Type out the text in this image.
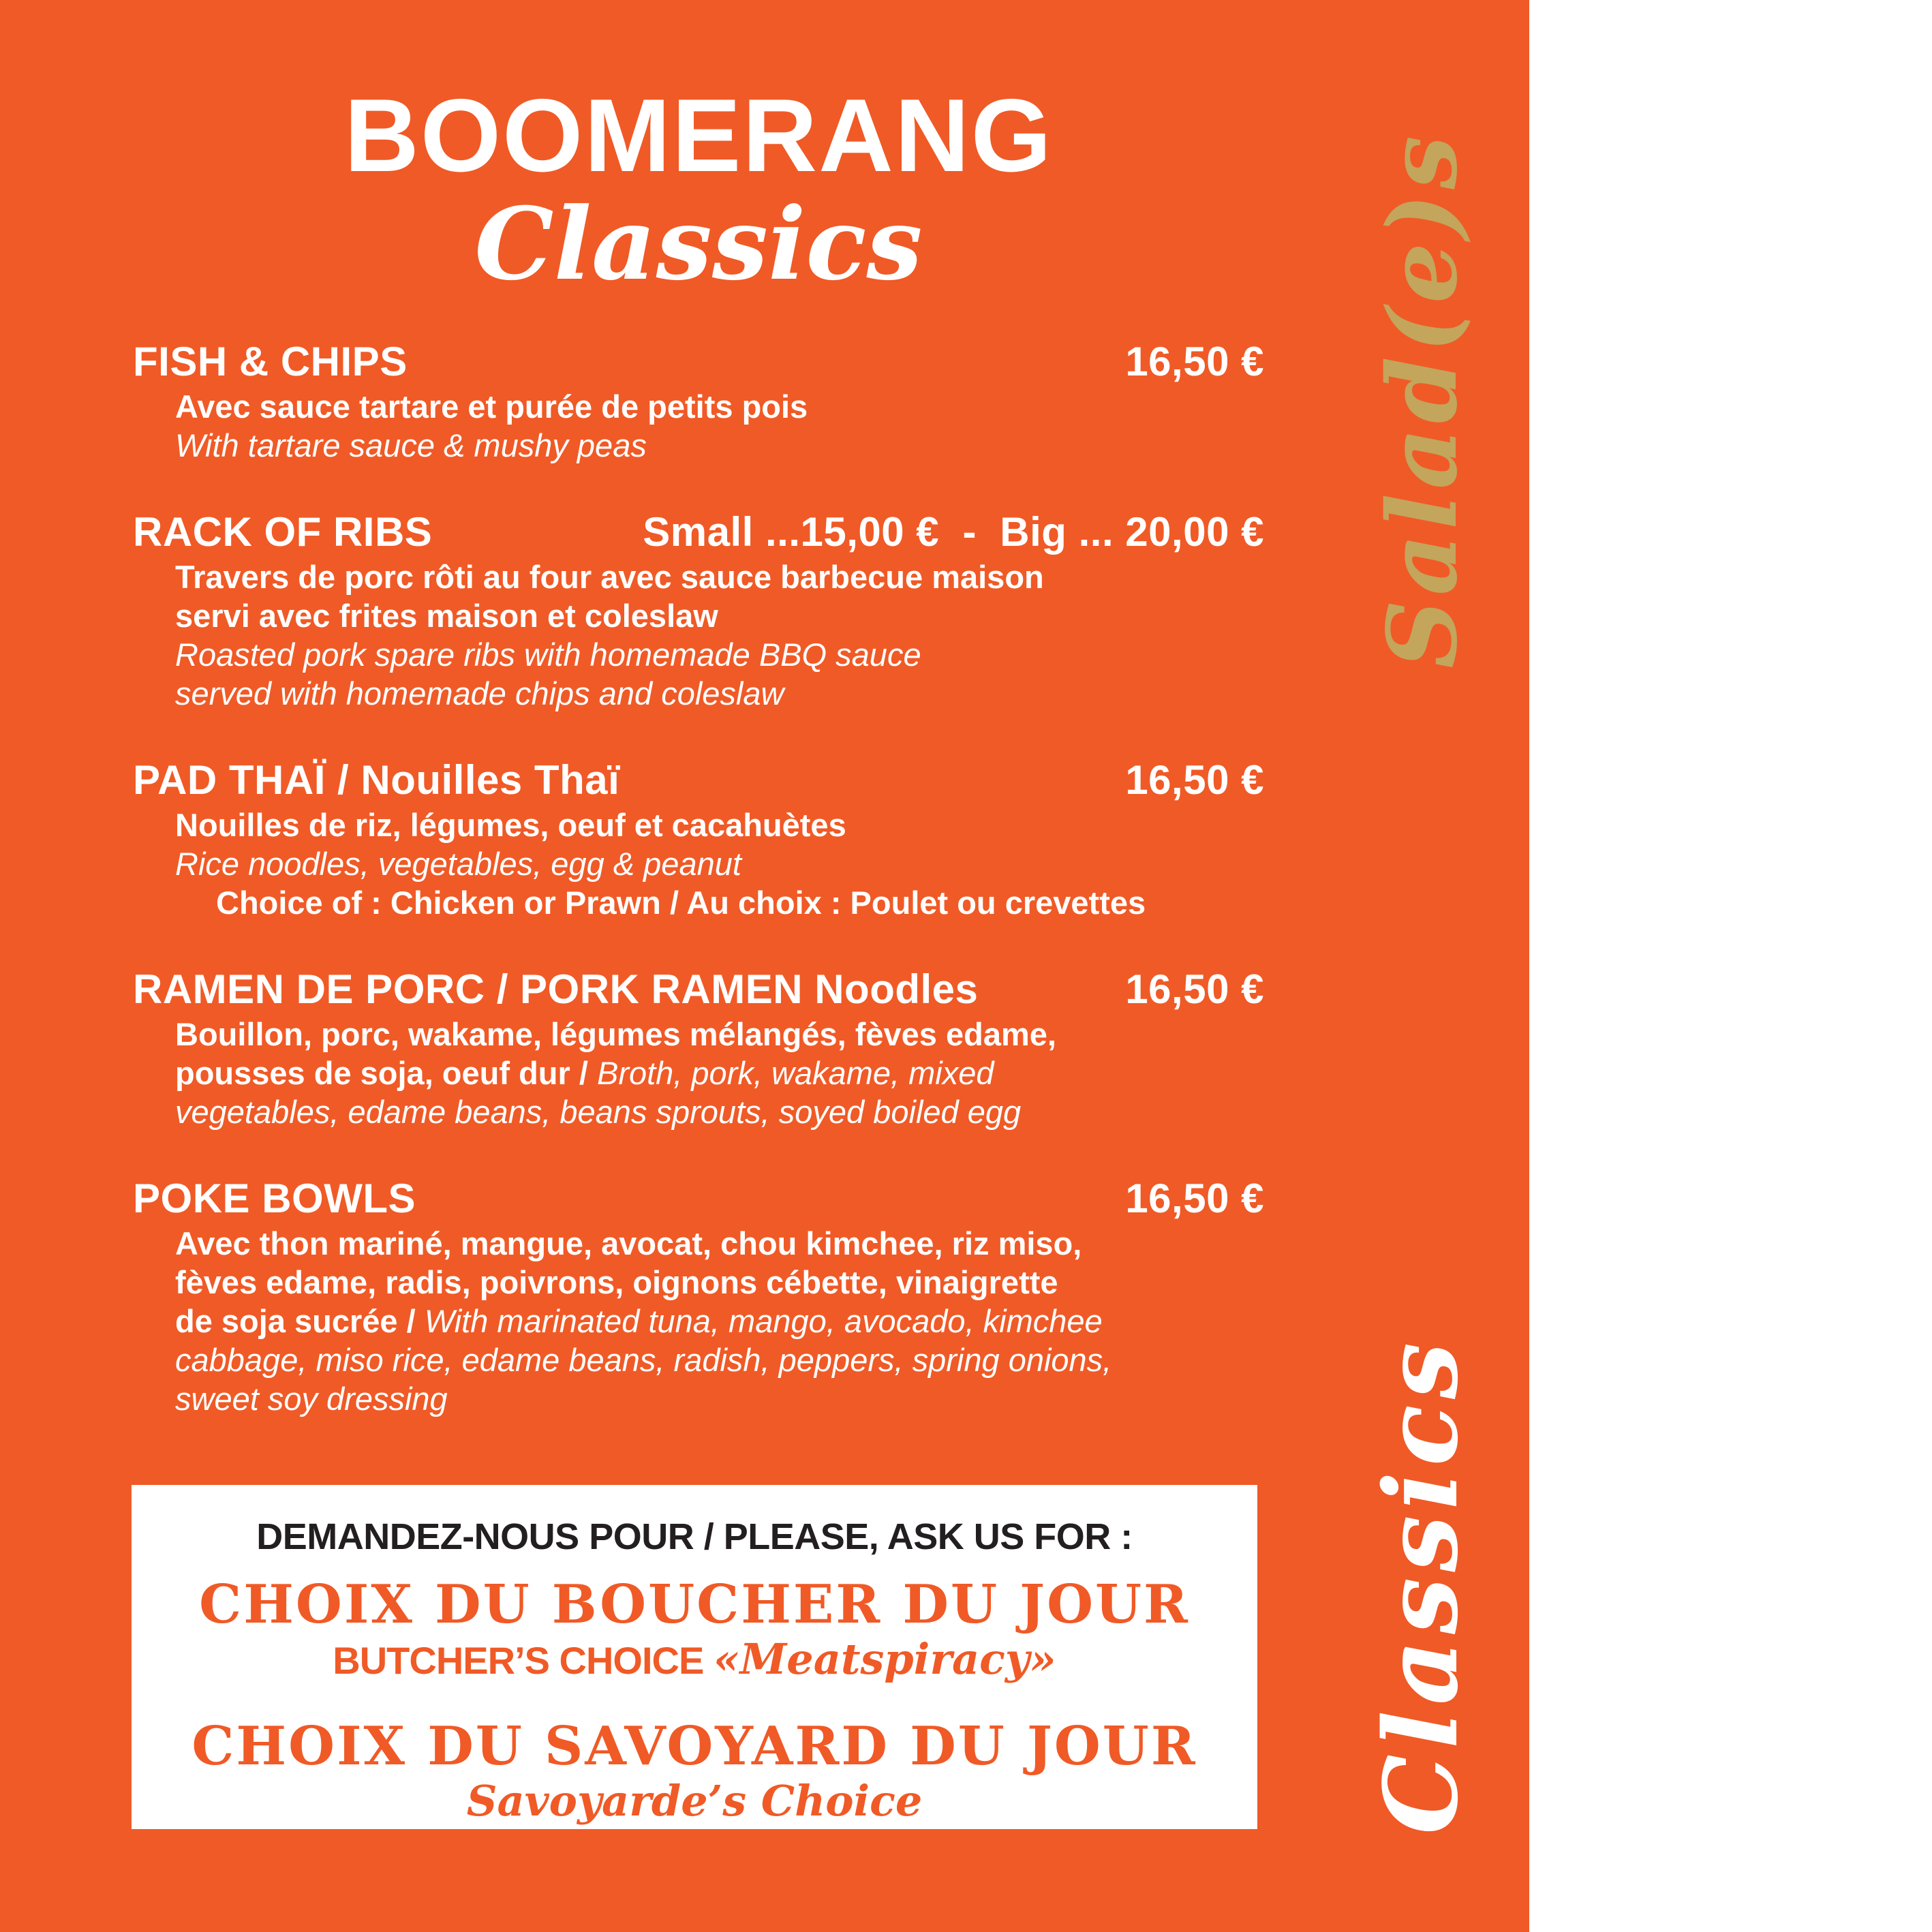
BOOMERANG
Classics
FISH & CHIPS	16,50 €
Avec sauce tartare et purée de petits pois
With tartare sauce & mushy peas
RACK OF RIBS	Small ...15,00 €  -  Big ... 20,00 €
Travers de porc rôti au four avec sauce barbecue maison
servi avec frites maison et coleslaw
Roasted pork spare ribs with homemade BBQ sauce
served with homemade chips and coleslaw
PAD THAÏ / Nouilles Thaï	16,50 €
Nouilles de riz, légumes, oeuf et cacahuètes
Rice noodles, vegetables, egg & peanut
Choice of : Chicken or Prawn / Au choix : Poulet ou crevettes
RAMEN DE PORC / PORK RAMEN Noodles	16,50 €
Bouillon, porc, wakame, légumes mélangés, fèves edame,
pousses de soja, oeuf dur / Broth, pork, wakame, mixed
vegetables, edame beans, beans sprouts, soyed boiled egg
POKE BOWLS	16,50 €
Avec thon mariné, mangue, avocat, chou kimchee, riz miso,
fèves edame, radis, poivrons, oignons cébette, vinaigrette
de soja sucrée / With marinated tuna, mango, avocado, kimchee
cabbage, miso rice, edame beans, radish, peppers, spring onions,
sweet soy dressing
DEMANDEZ-NOUS POUR / PLEASE, ASK US FOR :
CHOIX DU BOUCHER DU JOUR
BUTCHER’S CHOICE «Meatspiracy»
CHOIX DU SAVOYARD DU JOUR
Savoyarde’s Choice
Salad(e)s
Classics
